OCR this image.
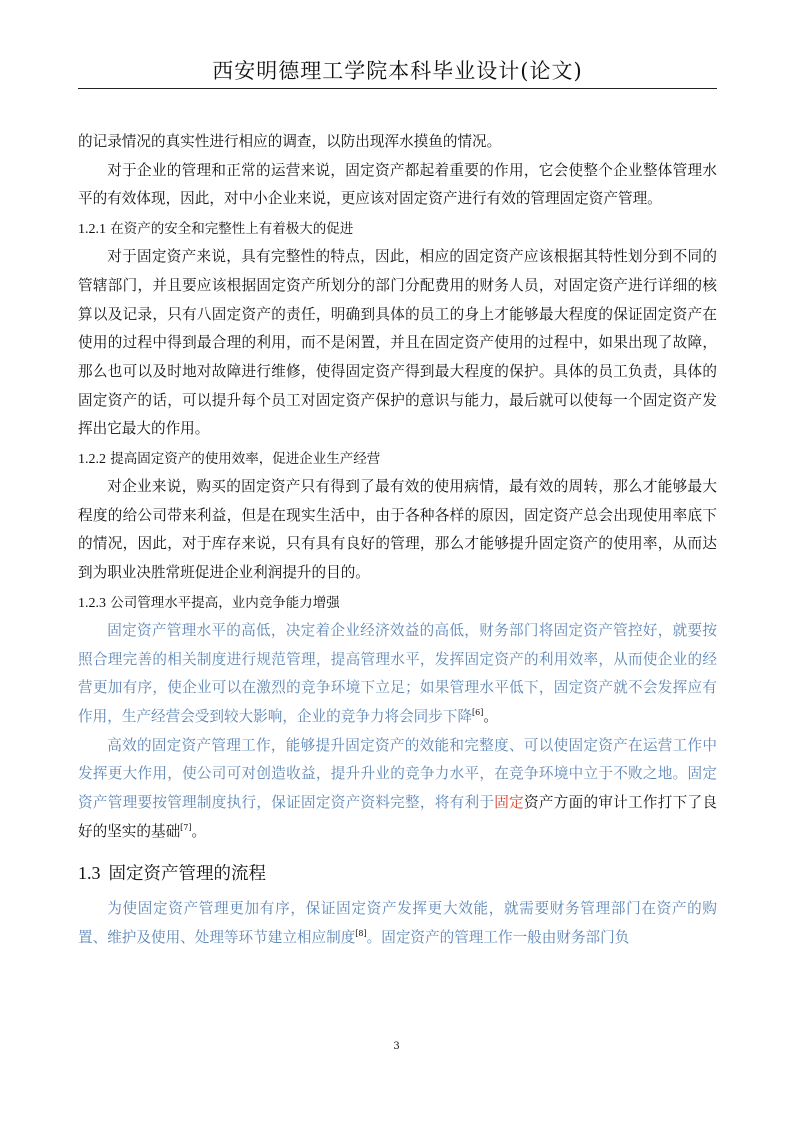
西安明德理工学院本科毕业设计(论文)

的记录情况的真实性进行相应的调查，以防出现浑水摸鱼的情况。

对于企业的管理和正常的运营来说，固定资产都起着重要的作用，它会使整个企业整体管理水平的有效体现，因此，对中小企业来说，更应该对固定资产进行有效的管理固定资产管理。

1.2.1 在资产的安全和完整性上有着极大的促进

对于固定资产来说，具有完整性的特点，因此，相应的固定资产应该根据其特性划分到不同的管辖部门，并且要应该根据固定资产所划分的部门分配费用的财务人员，对固定资产进行详细的核算以及记录，只有八固定资产的责任，明确到具体的员工的身上才能够最大程度的保证固定资产在使用的过程中得到最合理的利用，而不是闲置，并且在固定资产使用的过程中，如果出现了故障，那么也可以及时地对故障进行维修，使得固定资产得到最大程度的保护。具体的员工负责，具体的固定资产的话，可以提升每个员工对固定资产保护的意识与能力，最后就可以使每一个固定资产发挥出它最大的作用。

1.2.2 提高固定资产的使用效率，促进企业生产经营

对企业来说，购买的固定资产只有得到了最有效的使用病情，最有效的周转，那么才能够最大程度的给公司带来利益，但是在现实生活中，由于各种各样的原因，固定资产总会出现使用率底下的情况，因此，对于库存来说，只有具有良好的管理，那么才能够提升固定资产的使用率，从而达到为职业决胜常班促进企业利润提升的目的。

1.2.3 公司管理水平提高，业内竞争能力增强

固定资产管理水平的高低，决定着企业经济效益的高低，财务部门将固定资产管控好，就要按照合理完善的相关制度进行规范管理，提高管理水平，发挥固定资产的利用效率，从而使企业的经营更加有序，使企业可以在激烈的竞争环境下立足；如果管理水平低下，固定资产就不会发挥应有作用，生产经营会受到较大影响，企业的竞争力将会同步下降[6]。

高效的固定资产管理工作，能够提升固定资产的效能和完整度、可以使固定资产在运营工作中发挥更大作用，使公司可对创造收益，提升升业的竞争力水平，在竞争环境中立于不败之地。固定资产管理要按管理制度执行，保证固定资产资料完整，将有利于固定资产方面的审计工作打下了良好的坚实的基础[7]。

1.3 固定资产管理的流程

为使固定资产管理更加有序，保证固定资产发挥更大效能，就需要财务管理部门在资产的购置、维护及使用、处理等环节建立相应制度[8]。固定资产的管理工作一般由财务部门负

3
